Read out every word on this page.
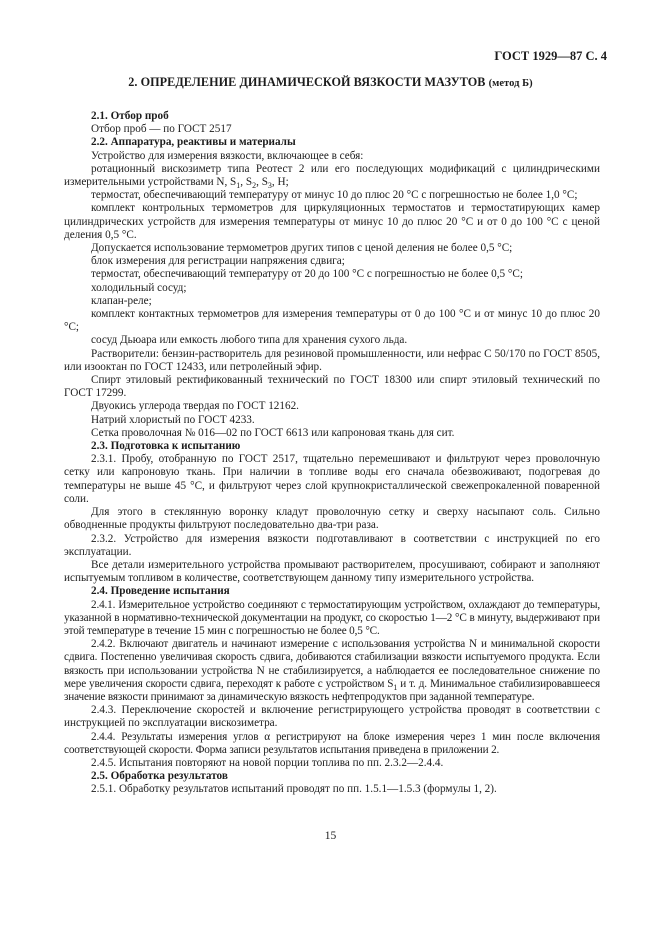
ГОСТ 1929—87 С. 4
2. ОПРЕДЕЛЕНИЕ ДИНАМИЧЕСКОЙ ВЯЗКОСТИ МАЗУТОВ (метод Б)

2.1. Отбор проб

Отбор проб — по ГОСТ 2517

2.2. Аппаратура, реактивы и материалы

Устройство для измерения вязкости, включающее в себя:

ротационный вискозиметр типа Реотест 2 или его последующих модификаций с цилиндрическими измерительными устройствами N, $S_1$, $S_2$, $S_3$, H;

термостат, обеспечивающий температуру от минус 10 до плюс 20 °С с погрешностью не более 1,0 °С;

комплект контрольных термометров для циркуляционных термостатов и термостатирующих камер цилиндрических устройств для измерения температуры от минус 10 до плюс 20 °С и от 0 до 100 °С с ценой деления 0,5 °С.

Допускается использование термометров других типов с ценой деления не более 0,5 °С;

блок измерения для регистрации напряжения сдвига;

термостат, обеспечивающий температуру от 20 до 100 °С с погрешностью не более 0,5 °С;

холодильный сосуд;

клапан-реле;

комплект контактных термометров для измерения температуры от 0 до 100 °С и от минус 10 до плюс 20 °С;

сосуд Дьюара или емкость любого типа для хранения сухого льда.

Растворители: бензин-растворитель для резиновой промышленности, или нефрас С 50/170 по ГОСТ 8505, или изооктан по ГОСТ 12433, или петролейный эфир.

Спирт этиловый ректификованный технический по ГОСТ 18300 или спирт этиловый технический по ГОСТ 17299.

Двуокись углерода твердая по ГОСТ 12162.

Натрий хлористый по ГОСТ 4233.

Сетка проволочная № 016—02 по ГОСТ 6613 или капроновая ткань для сит.

2.3. Подготовка к испытанию

2.3.1. Пробу, отобранную по ГОСТ 2517, тщательно перемешивают и фильтруют через проволочную сетку или капроновую ткань. При наличии в топливе воды его сначала обезвоживают, подогревая до температуры не выше 45 °С, и фильтруют через слой крупнокристаллической свежепрокаленной поваренной соли.

Для этого в стеклянную воронку кладут проволочную сетку и сверху насыпают соль. Сильно обводненные продукты фильтруют последовательно два-три раза.

2.3.2. Устройство для измерения вязкости подготавливают в соответствии с инструкцией по его эксплуатации.

Все детали измерительного устройства промывают растворителем, просушивают, собирают и заполняют испытуемым топливом в количестве, соответствующем данному типу измерительного устройства.

2.4. Проведение испытания

2.4.1. Измерительное устройство соединяют с термостатирующим устройством, охлаждают до температуры, указанной в нормативно-технической документации на продукт, со скоростью 1—2 °С в минуту, выдерживают при этой температуре в течение 15 мин с погрешностью не более 0,5 °С.

2.4.2. Включают двигатель и начинают измерение с использования устройства N и минимальной скорости сдвига. Постепенно увеличивая скорость сдвига, добиваются стабилизации вязкости испытуемого продукта. Если вязкость при использовании устройства N не стабилизируется, а наблюдается ее последовательное снижение по мере увеличения скорости сдвига, переходят к работе с устройством $S_1$ и т. д. Минимальное стабилизировавшееся значение вязкости принимают за динамическую вязкость нефтепродуктов при заданной температуре.

2.4.3. Переключение скоростей и включение регистрирующего устройства проводят в соответствии с инструкцией по эксплуатации вискозиметра.

2.4.4. Результаты измерения углов α регистрируют на блоке измерения через 1 мин после включения соответствующей скорости. Форма записи результатов испытания приведена в приложении 2.

2.4.5. Испытания повторяют на новой порции топлива по пп. 2.3.2—2.4.4.

2.5. Обработка результатов

2.5.1. Обработку результатов испытаний проводят по пп. 1.5.1—1.5.3 (формулы 1, 2).

15
